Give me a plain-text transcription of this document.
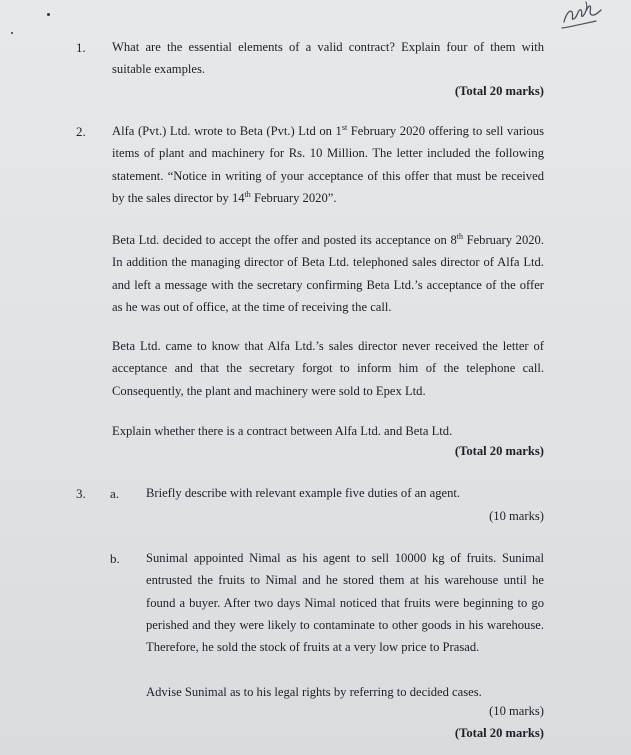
1. What are the essential elements of a valid contract? Explain four of them with suitable examples.
(Total 20 marks)
2. Alfa (Pvt.) Ltd. wrote to Beta (Pvt.) Ltd on 1st February 2020 offering to sell various items of plant and machinery for Rs. 10 Million. The letter included the following statement. “Notice in writing of your acceptance of this offer that must be received by the sales director by 14th February 2020”.
Beta Ltd. decided to accept the offer and posted its acceptance on 8th February 2020. In addition the managing director of Beta Ltd. telephoned sales director of Alfa Ltd. and left a message with the secretary confirming Beta Ltd.’s acceptance of the offer as he was out of office, at the time of receiving the call.
Beta Ltd. came to know that Alfa Ltd.’s sales director never received the letter of acceptance and that the secretary forgot to inform him of the telephone call. Consequently, the plant and machinery were sold to Epex Ltd.
Explain whether there is a contract between Alfa Ltd. and Beta Ltd.
(Total 20 marks)
3. a. Briefly describe with relevant example five duties of an agent.
(10 marks)
b. Sunimal appointed Nimal as his agent to sell 10000 kg of fruits. Sunimal entrusted the fruits to Nimal and he stored them at his warehouse until he found a buyer. After two days Nimal noticed that fruits were beginning to go perished and they were likely to contaminate to other goods in his warehouse. Therefore, he sold the stock of fruits at a very low price to Prasad.
Advise Sunimal as to his legal rights by referring to decided cases.
(10 marks)
(Total 20 marks)
